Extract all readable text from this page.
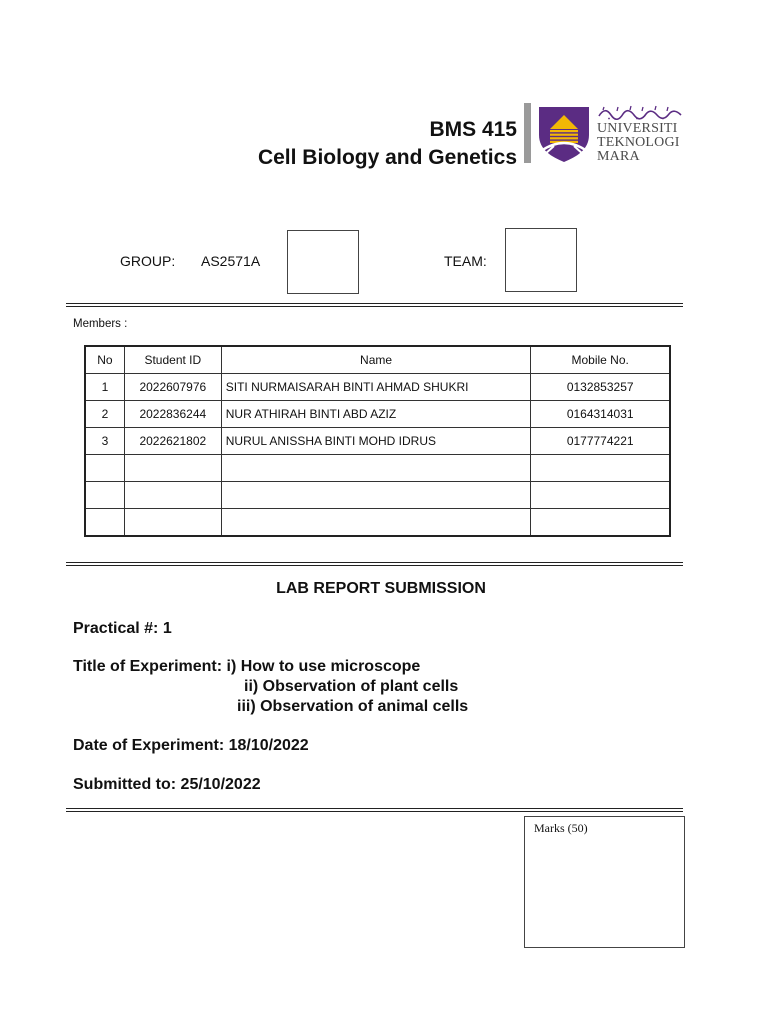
BMS 415
Cell Biology and Genetics
UNIVERSITI
TEKNOLOGI
MARA
GROUP: AS2571A	TEAM:
Members :
No	Student ID	Name	Mobile No.
1	2022607976	SITI NURMAISARAH BINTI AHMAD SHUKRI	0132853257
2	2022836244	NUR ATHIRAH BINTI ABD AZIZ	0164314031
3	2022621802	NURUL ANISSHA BINTI MOHD IDRUS	0177774221

LAB REPORT SUBMISSION
Practical #: 1
Title of Experiment: i) How to use microscope
ii) Observation of plant cells
iii) Observation of animal cells
Date of Experiment: 18/10/2022
Submitted to: 25/10/2022
Marks (50)
